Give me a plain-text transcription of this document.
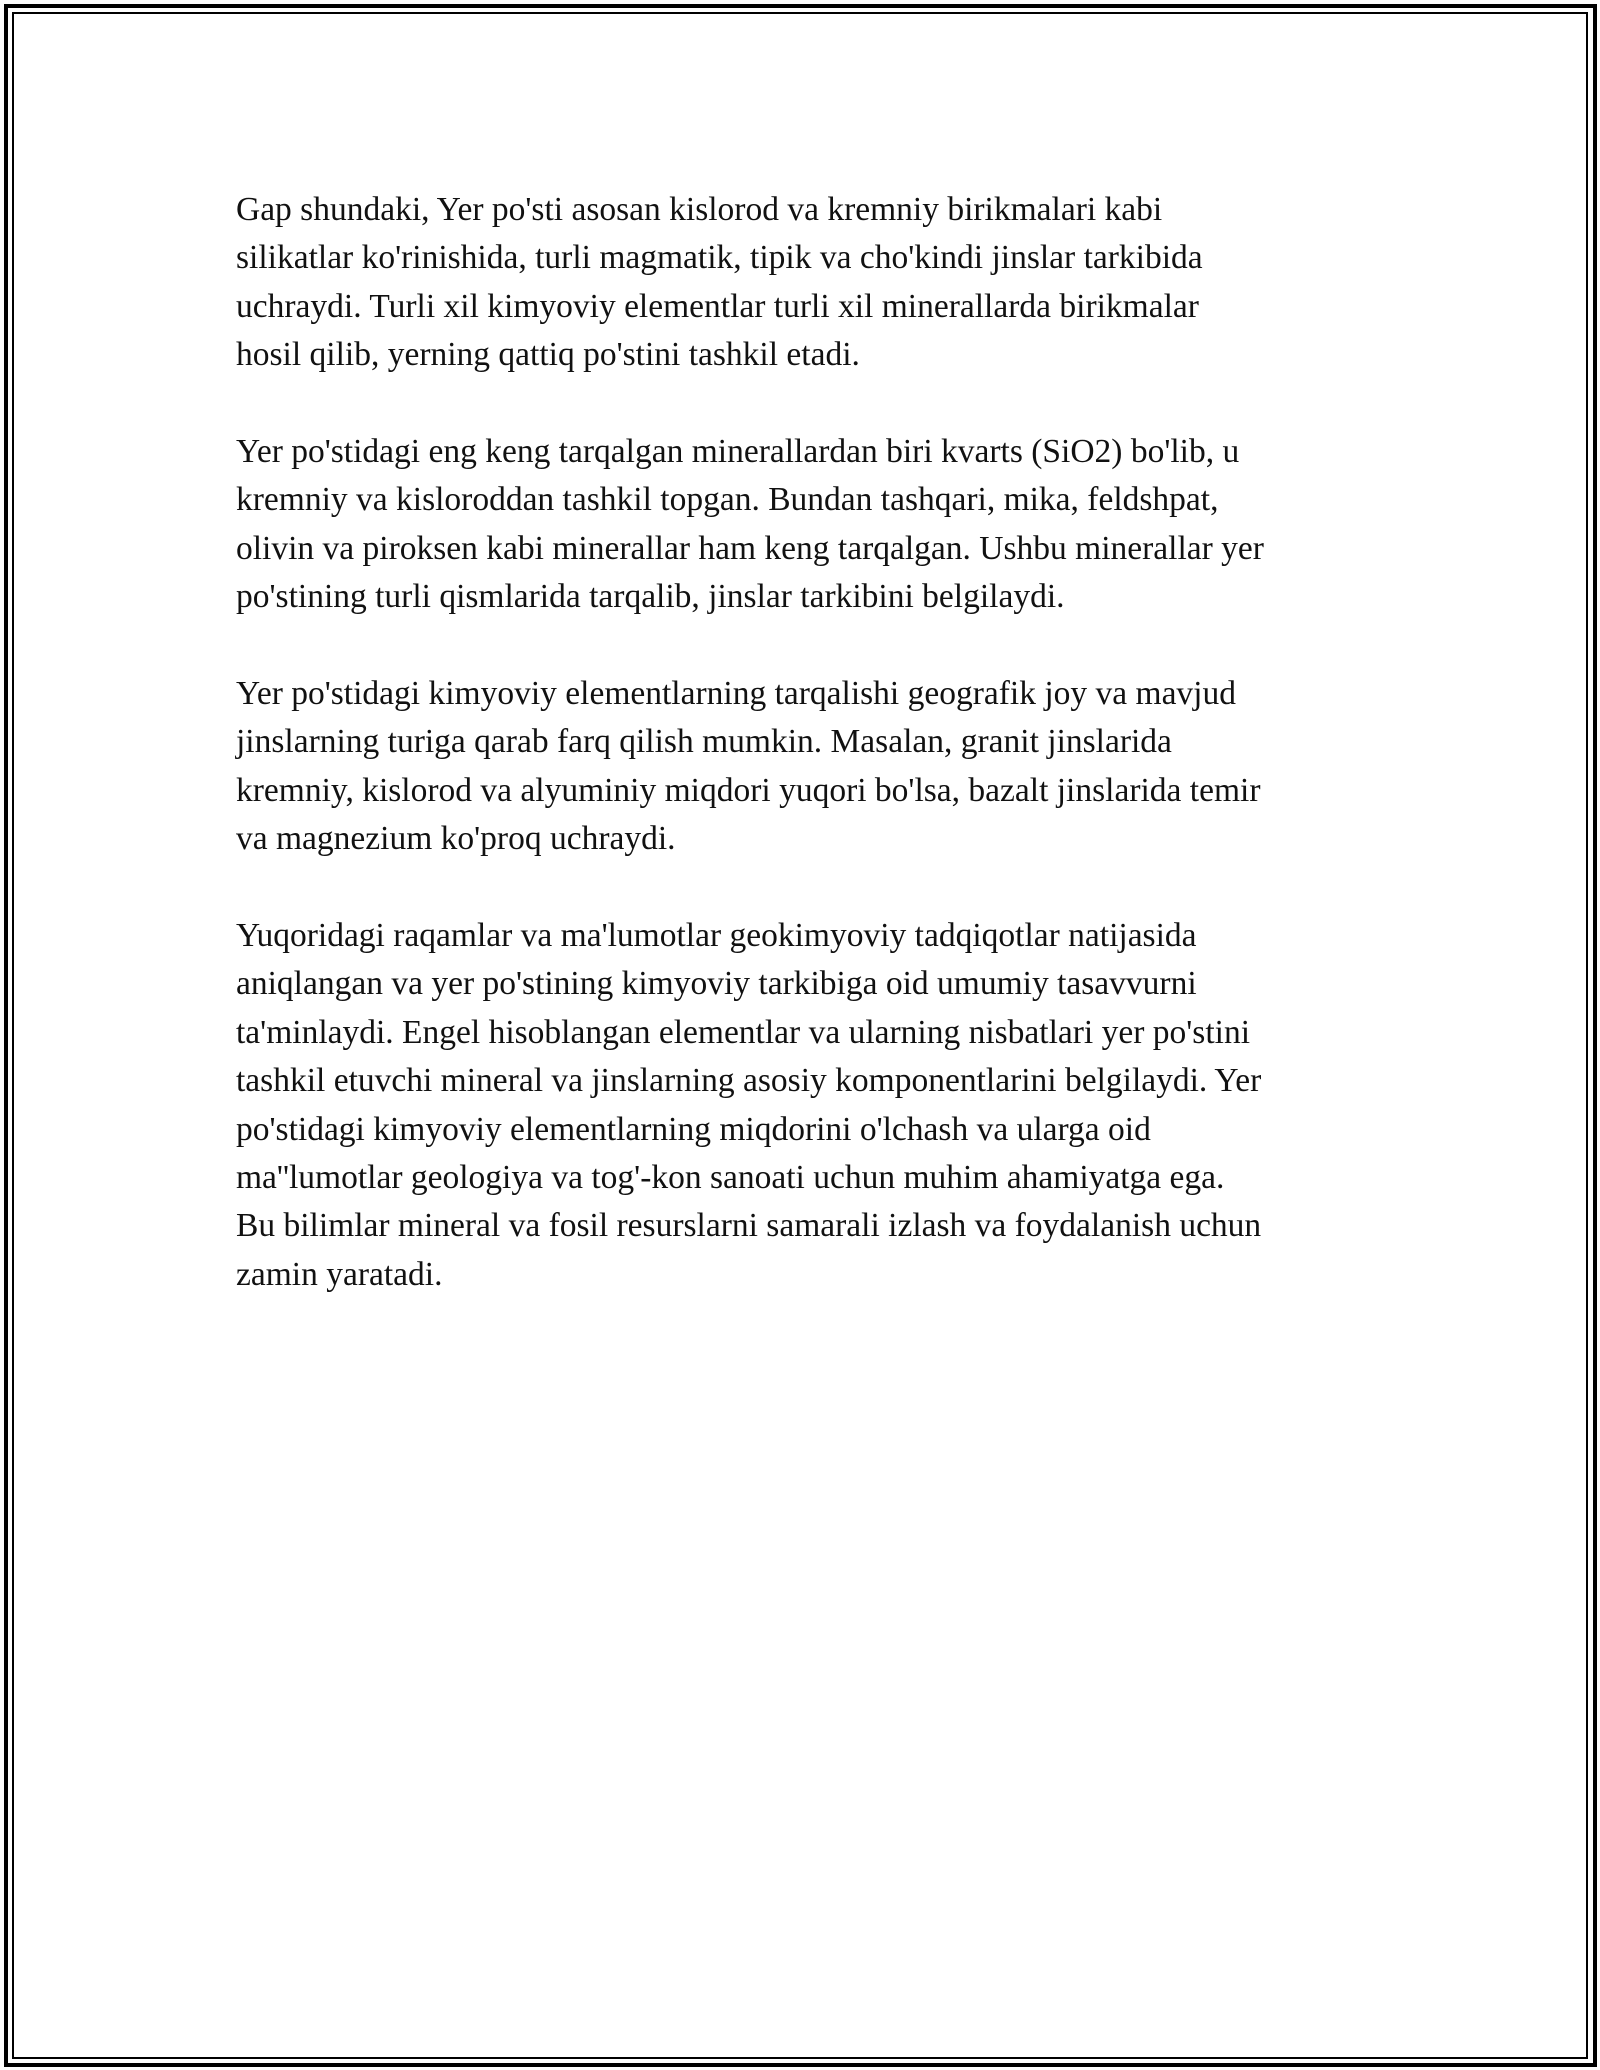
Gap shundaki, Yer po'sti asosan kislorod va kremniy birikmalari kabi
silikatlar ko'rinishida, turli magmatik, tipik va cho'kindi jinslar tarkibida
uchraydi. Turli xil kimyoviy elementlar turli xil minerallarda birikmalar
hosil qilib, yerning qattiq po'stini tashkil etadi.

Yer po'stidagi eng keng tarqalgan minerallardan biri kvarts (SiO2) bo'lib, u
kremniy va kisloroddan tashkil topgan. Bundan tashqari, mika, feldshpat,
olivin va piroksen kabi minerallar ham keng tarqalgan. Ushbu minerallar yer
po'stining turli qismlarida tarqalib, jinslar tarkibini belgilaydi.

Yer po'stidagi kimyoviy elementlarning tarqalishi geografik joy va mavjud
jinslarning turiga qarab farq qilish mumkin. Masalan, granit jinslarida
kremniy, kislorod va alyuminiy miqdori yuqori bo'lsa, bazalt jinslarida temir
va magnezium ko'proq uchraydi.

Yuqoridagi raqamlar va ma'lumotlar geokimyoviy tadqiqotlar natijasida
aniqlangan va yer po'stining kimyoviy tarkibiga oid umumiy tasavvurni
ta'minlaydi. Engel hisoblangan elementlar va ularning nisbatlari yer po'stini
tashkil etuvchi mineral va jinslarning asosiy komponentlarini belgilaydi. Yer
po'stidagi kimyoviy elementlarning miqdorini o'lchash va ularga oid
ma''lumotlar geologiya va tog'-kon sanoati uchun muhim ahamiyatga ega.
Bu bilimlar mineral va fosil resurslarni samarali izlash va foydalanish uchun
zamin yaratadi.
